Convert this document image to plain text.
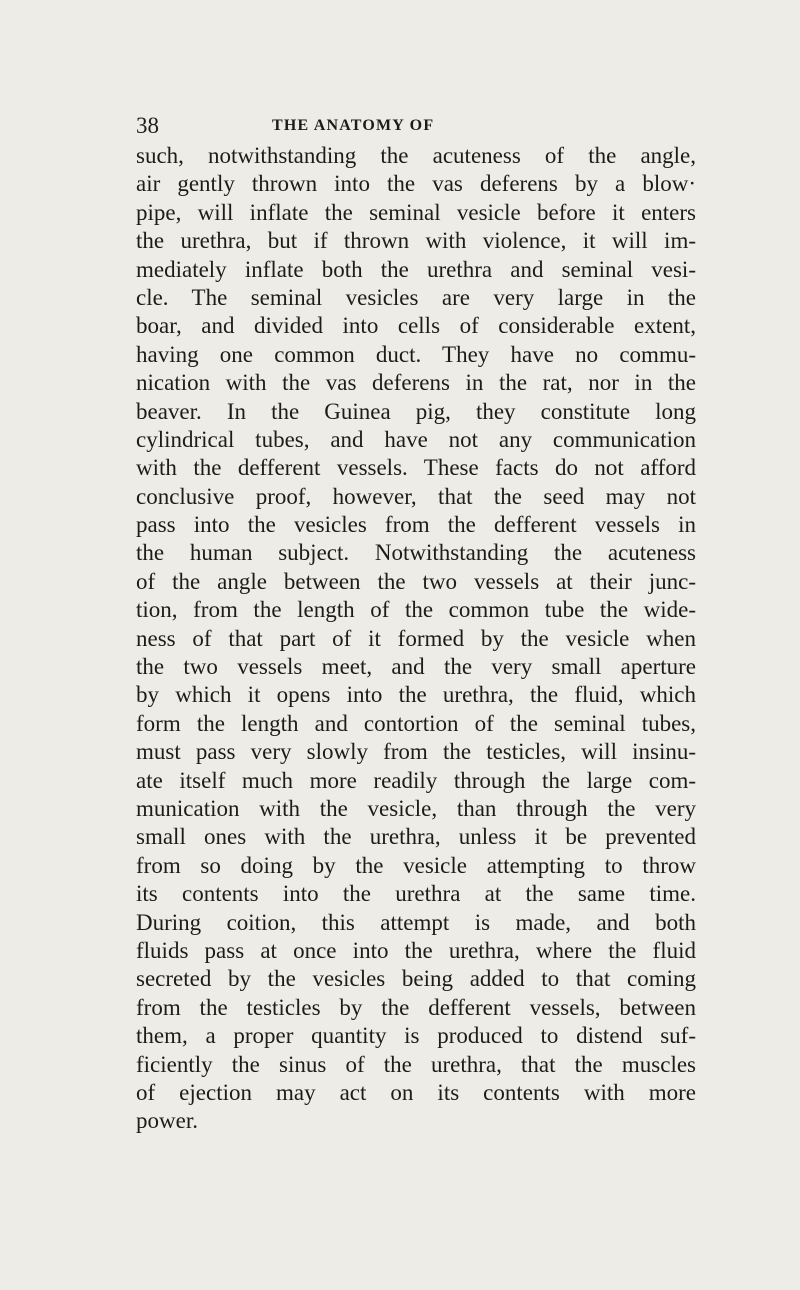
38	THE ANATOMY OF
such, notwithstanding the acuteness of the angle,
air gently thrown into the vas deferens by a blow·
pipe, will inflate the seminal vesicle before it enters
the urethra, but if thrown with violence, it will im-
mediately inflate both the urethra and seminal vesi-
cle. The seminal vesicles are very large in the
boar, and divided into cells of considerable extent,
having one common duct. They have no commu-
nication with the vas deferens in the rat, nor in the
beaver. In the Guinea pig, they constitute long
cylindrical tubes, and have not any communication
with the defferent vessels. These facts do not afford
conclusive proof, however, that the seed may not
pass into the vesicles from the defferent vessels in
the human subject. Notwithstanding the acuteness
of the angle between the two vessels at their junc-
tion, from the length of the common tube the wide-
ness of that part of it formed by the vesicle when
the two vessels meet, and the very small aperture
by which it opens into the urethra, the fluid, which
form the length and contortion of the seminal tubes,
must pass very slowly from the testicles, will insinu-
ate itself much more readily through the large com-
munication with the vesicle, than through the very
small ones with the urethra, unless it be prevented
from so doing by the vesicle attempting to throw
its contents into the urethra at the same time.
During coition, this attempt is made, and both
fluids pass at once into the urethra, where the fluid
secreted by the vesicles being added to that coming
from the testicles by the defferent vessels, between
them, a proper quantity is produced to distend suf-
ficiently the sinus of the urethra, that the muscles
of ejection may act on its contents with more
power.
